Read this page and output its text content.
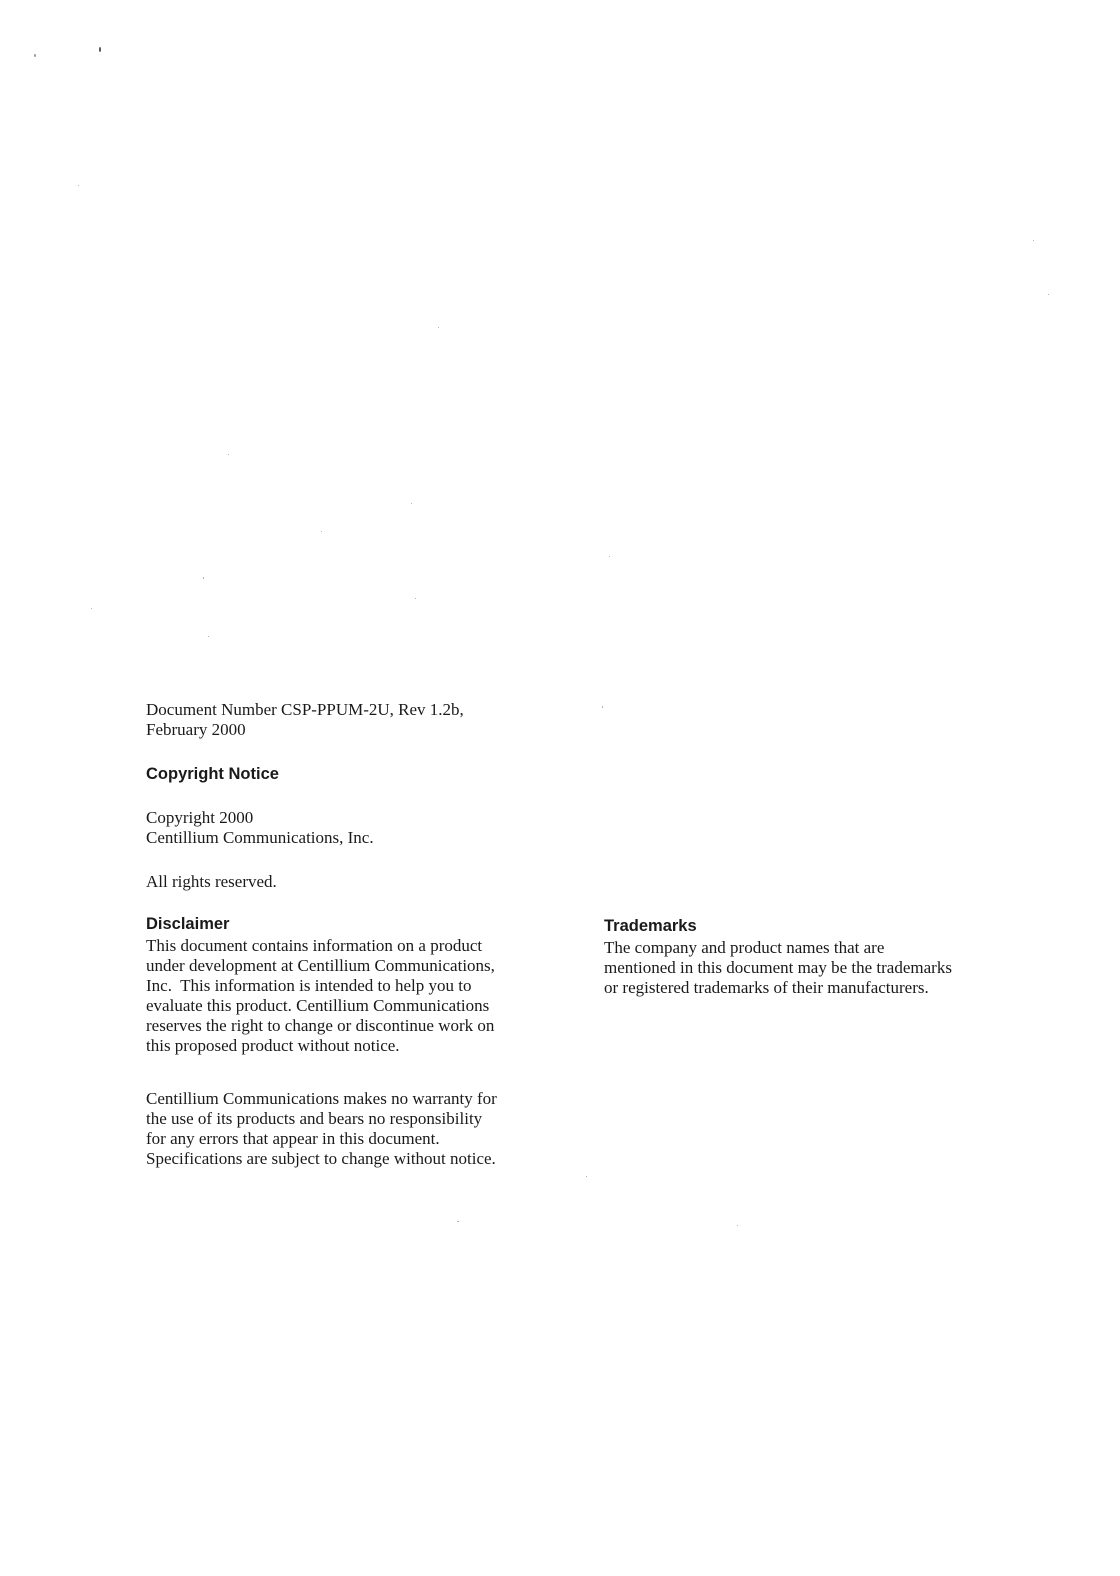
Document Number CSP-PPUM-2U, Rev 1.2b,
February 2000
Copyright Notice
Copyright 2000
Centillium Communications, Inc.

All rights reserved.

Disclaimer
This document contains information on a product
under development at Centillium Communications,
Inc.  This information is intended to help you to
evaluate this product. Centillium Communications
reserves the right to change or discontinue work on
this proposed product without notice.
Centillium Communications makes no warranty for
the use of its products and bears no responsibility
for any errors that appear in this document.
Specifications are subject to change without notice.
Trademarks
The company and product names that are
mentioned in this document may be the trademarks
or registered trademarks of their manufacturers.
